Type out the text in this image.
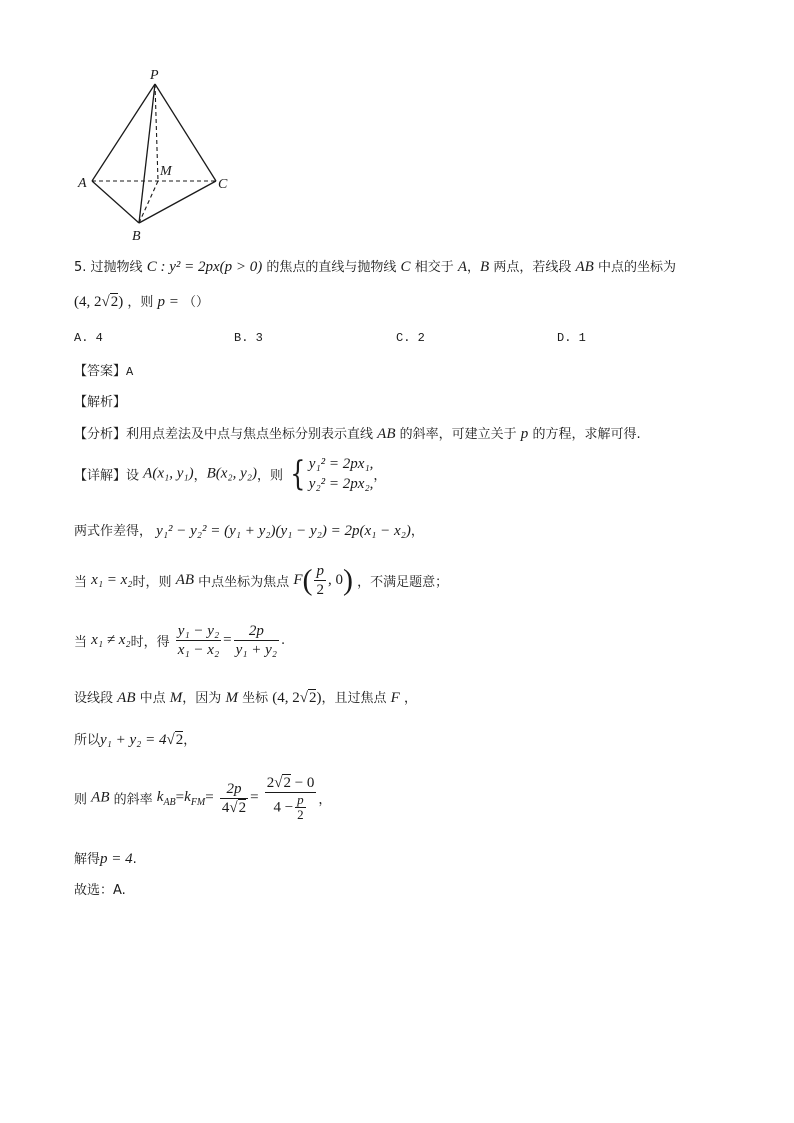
P
A	C
M
B
5. 过抛物线 C : y² = 2px(p > 0) 的焦点的直线与抛物线 C 相交于 A，B 两点，若线段 AB 中点的坐标为
(4, 2√2) ，则 p = （）
A. 4	B. 3	C. 2	D. 1
【答案】A
【解析】
【分析】利用点差法及中点与焦点坐标分别表示直线 AB 的斜率，可建立关于 p 的方程，求解可得.
【详解】设 A(x₁, y₁)，B(x₂, y₂)，则 { y₁² = 2px₁,
y₂² = 2px₂, ，
两式作差得， y₁² − y₂² = (y₁ + y₂)(y₁ − y₂) = 2p(x₁ − x₂)，
当 x₁ = x₂时，则 AB 中点坐标为焦点 $F( \frac{p}{2}$ , 0) ，不满足题意；
当 x₁ ≠ x₂时，得 $\frac{\text{y₁ − y₂}}{\text{x₁ − x₂}} = \frac{2p}{\text{y₁ + y₂}}$ .
设线段 AB 中点 M，因为 M 坐标 (4, 2√2)，且过焦点 F ，
所以y₁ + y₂ = 4√2，
则 AB 的斜率 $k_{AB}=k_{FM}= \frac{2p}{4√2} = \frac{2√2 - 0}{4 - \frac{p}{2}}$ ，
解得p = 4.
故选：A.
